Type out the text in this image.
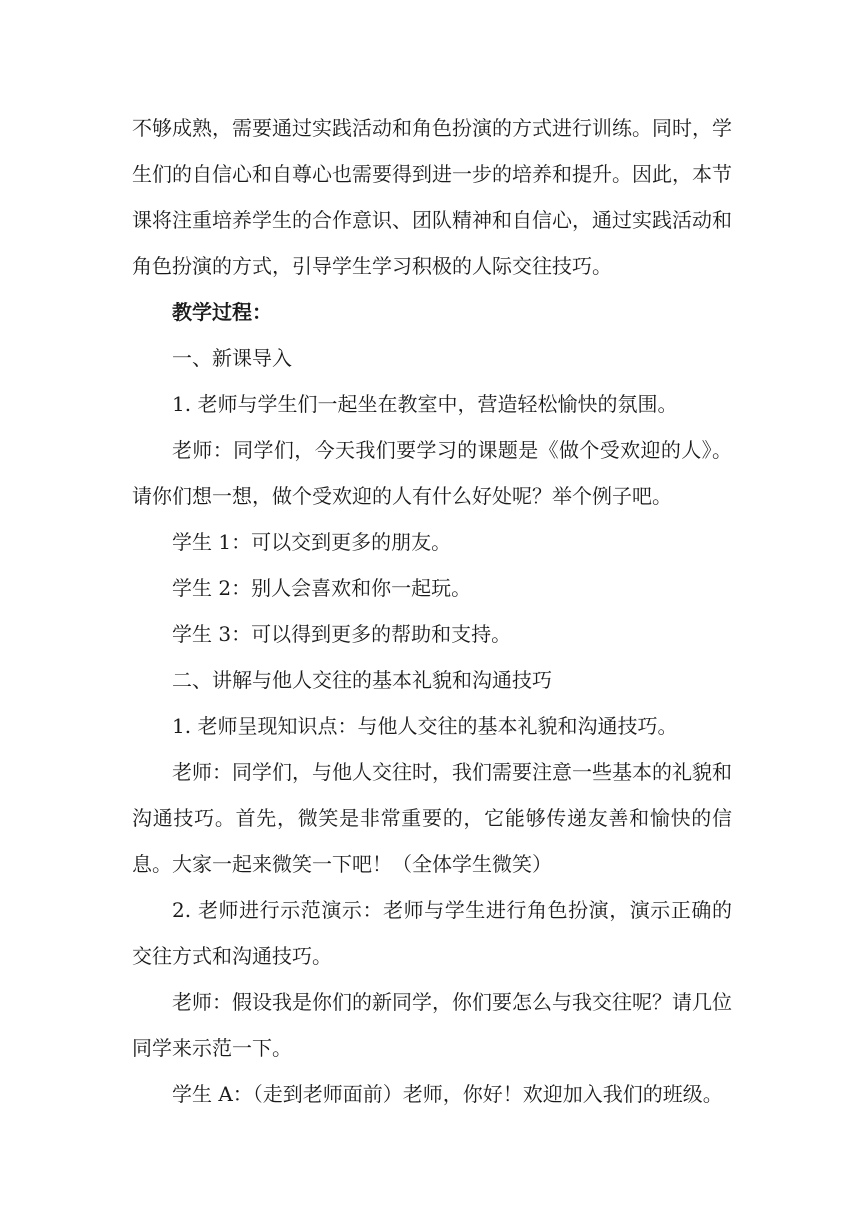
不够成熟，需要通过实践活动和角色扮演的方式进行训练。同时，学生们的自信心和自尊心也需要得到进一步的培养和提升。因此，本节课将注重培养学生的合作意识、团队精神和自信心，通过实践活动和角色扮演的方式，引导学生学习积极的人际交往技巧。

教学过程：

一、新课导入

1. 老师与学生们一起坐在教室中，营造轻松愉快的氛围。

老师：同学们，今天我们要学习的课题是《做个受欢迎的人》。请你们想一想，做个受欢迎的人有什么好处呢？举个例子吧。

学生 1：可以交到更多的朋友。

学生 2：别人会喜欢和你一起玩。

学生 3：可以得到更多的帮助和支持。

二、讲解与他人交往的基本礼貌和沟通技巧

1. 老师呈现知识点：与他人交往的基本礼貌和沟通技巧。

老师：同学们，与他人交往时，我们需要注意一些基本的礼貌和沟通技巧。首先，微笑是非常重要的，它能够传递友善和愉快的信息。大家一起来微笑一下吧！（全体学生微笑）

2. 老师进行示范演示：老师与学生进行角色扮演，演示正确的交往方式和沟通技巧。

老师：假设我是你们的新同学，你们要怎么与我交往呢？请几位同学来示范一下。

学生 A：（走到老师面前）老师，你好！欢迎加入我们的班级。
